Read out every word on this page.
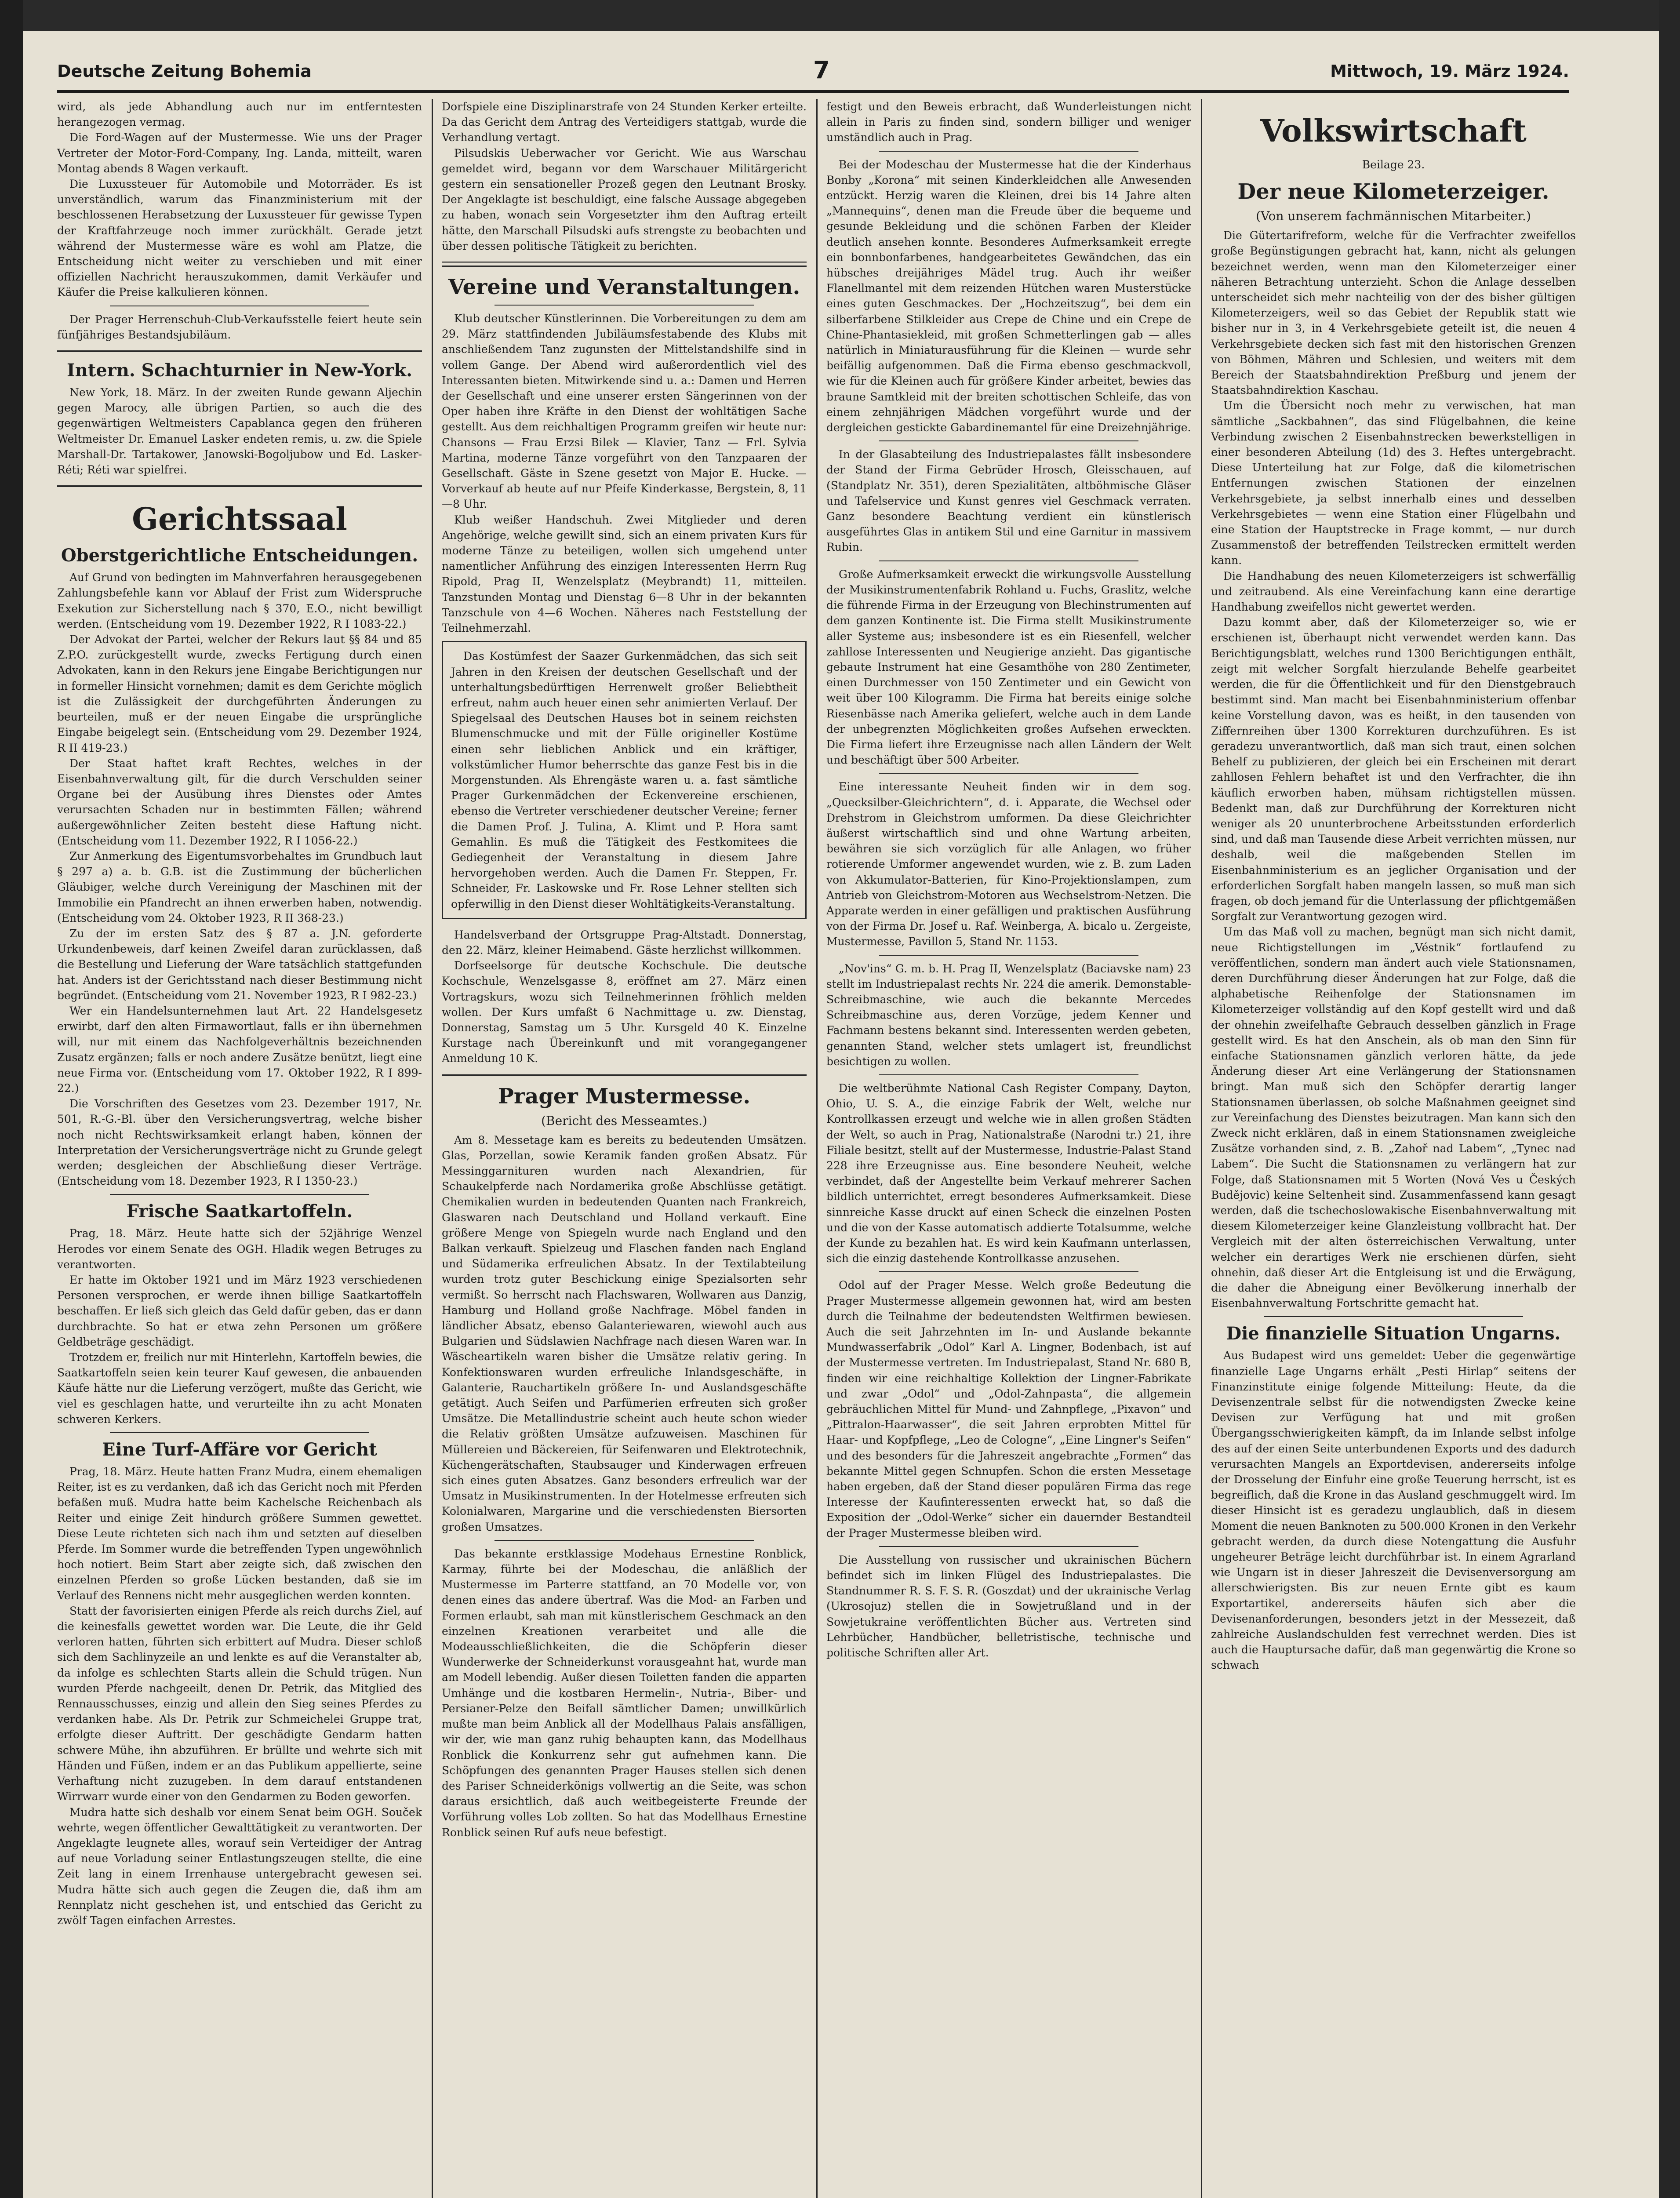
Deutsche Zeitung Bohemia	7	Mittwoch, 19. März 1924.

wird, als jede Abhandlung auch nur im entferntesten herangezogen vermag.

Die Ford-Wagen auf der Mustermesse. Wie uns der Prager Vertreter der Motor-Ford-Company, Ing. Landa, mitteilt, waren Montag abends 8 Wagen verkauft.

Die Luxussteuer für Automobile und Motorräder. Es ist unverständlich, warum das Finanzministerium mit der beschlossenen Herabsetzung der Luxussteuer für gewisse Typen der Kraftfahrzeuge noch immer zurückhält. Gerade jetzt während der Mustermesse wäre es wohl am Platze, die Entscheidung nicht weiter zu verschieben und mit einer offiziellen Nachricht herauszukommen, damit Verkäufer und Käufer die Preise kalkulieren können.

Der Prager Herrenschuh-Club-Verkaufsstelle feiert heute sein fünfjähriges Bestandsjubiläum.

Intern. Schachturnier in New-York.

New York, 18. März. In der zweiten Runde gewann Aljechin gegen Marocy, alle übrigen Partien, so auch die des gegenwärtigen Weltmeisters Capablanca gegen den früheren Weltmeister Dr. Emanuel Lasker endeten remis, u. zw. die Spiele Marshall-Dr. Tartakower, Janowski-Bogoljubow und Ed. Lasker-Réti; Réti war spielfrei.

Gerichtssaal
Oberstgerichtliche Entscheidungen.

Auf Grund von bedingten im Mahnverfahren herausgegebenen Zahlungsbefehle kann vor Ablauf der Frist zum Widerspruche Exekution zur Sicherstellung nach § 370, E.O., nicht bewilligt werden. (Entscheidung vom 19. Dezember 1922, R I 1083-22.)

Der Advokat der Partei, welcher der Rekurs laut §§ 84 und 85 Z.P.O. zurückgestellt wurde, zwecks Fertigung durch einen Advokaten, kann in den Rekurs jene Eingabe Berichtigungen nur in formeller Hinsicht vornehmen; damit es dem Gerichte möglich ist die Zulässigkeit der durchgeführten Änderungen zu beurteilen, muß er der neuen Eingabe die ursprüngliche Eingabe beigelegt sein. (Entscheidung vom 29. Dezember 1924, R II 419-23.)

Der Staat haftet kraft Rechtes, welches in der Eisenbahnverwaltung gilt, für die durch Verschulden seiner Organe bei der Ausübung ihres Dienstes oder Amtes verursachten Schaden nur in bestimmten Fällen; während außergewöhnlicher Zeiten besteht diese Haftung nicht. (Entscheidung vom 11. Dezember 1922, R I 1056-22.)

Zur Anmerkung des Eigentumsvorbehaltes im Grundbuch laut § 297 a) a. b. G.B. ist die Zustimmung der bücherlichen Gläubiger, welche durch Vereinigung der Maschinen mit der Immobilie ein Pfandrecht an ihnen erwerben haben, notwendig. (Entscheidung vom 24. Oktober 1923, R II 368-23.)

Zu der im ersten Satz des § 87 a. J.N. geforderte Urkundenbeweis, darf keinen Zweifel daran zurücklassen, daß die Bestellung und Lieferung der Ware tatsächlich stattgefunden hat. Anders ist der Gerichtsstand nach dieser Bestimmung nicht begründet. (Entscheidung vom 21. November 1923, R I 982-23.)

Wer ein Handelsunternehmen laut Art. 22 Handelsgesetz erwirbt, darf den alten Firmawortlaut, falls er ihn übernehmen will, nur mit einem das Nachfolgeverhältnis bezeichnenden Zusatz ergänzen; falls er noch andere Zusätze benützt, liegt eine neue Firma vor. (Entscheidung vom 17. Oktober 1922, R I 899-22.)

Die Vorschriften des Gesetzes vom 23. Dezember 1917, Nr. 501, R.-G.-Bl. über den Versicherungsvertrag, welche bisher noch nicht Rechtswirksamkeit erlangt haben, können der Interpretation der Versicherungsverträge nicht zu Grunde gelegt werden; desgleichen der Abschließung dieser Verträge. (Entscheidung vom 18. Dezember 1923, R I 1350-23.)

Frische Saatkartoffeln.

Prag, 18. März. Heute hatte sich der 52jährige Wenzel Herodes vor einem Senate des OGH. Hladik wegen Betruges zu verantworten.

Er hatte im Oktober 1921 und im März 1923 verschiedenen Personen versprochen, er werde ihnen billige Saatkartoffeln beschaffen. Er ließ sich gleich das Geld dafür geben, das er dann durchbrachte. So hat er etwa zehn Personen um größere Geldbeträge geschädigt.

Trotzdem er, freilich nur mit Hinterlehn, Kartoffeln bewies, die Saatkartoffeln seien kein teurer Kauf gewesen, die anbauenden Käufe hätte nur die Lieferung verzögert, mußte das Gericht, wie viel es geschlagen hatte, und verurteilte ihn zu acht Monaten schweren Kerkers.

Eine Turf-Affäre vor Gericht

Prag, 18. März. Heute hatten Franz Mudra, einem ehemaligen Reiter, ist es zu verdanken, daß ich das Gericht noch mit Pferden befaßen muß. Mudra hatte beim Kachelsche Reichenbach als Reiter und einige Zeit hindurch größere Summen gewettet. Diese Leute richteten sich nach ihm und setzten auf dieselben Pferde. Im Sommer wurde die betreffenden Typen ungewöhnlich hoch notiert. Beim Start aber zeigte sich, daß zwischen den einzelnen Pferden so große Lücken bestanden, daß sie im Verlauf des Rennens nicht mehr ausgeglichen werden konnten.

Statt der favorisierten einigen Pferde als reich durchs Ziel, auf die keinesfalls gewettet worden war. Die Leute, die ihr Geld verloren hatten, führten sich erbittert auf Mudra. Dieser schloß sich dem Sachlinyzeile an und lenkte es auf die Veranstalter ab, da infolge es schlechten Starts allein die Schuld trügen. Nun wurden Pferde nachgeeilt, denen Dr. Petrik, das Mitglied des Rennausschusses, einzig und allein den Sieg seines Pferdes zu verdanken habe. Als Dr. Petrik zur Schmeichelei Gruppe trat, erfolgte dieser Auftritt. Der geschädigte Gendarm hatten schwere Mühe, ihn abzuführen. Er brüllte und wehrte sich mit Händen und Füßen, indem er an das Publikum appellierte, seine Verhaftung nicht zuzugeben. In dem darauf entstandenen Wirrwarr wurde einer von den Gendarmen zu Boden geworfen.

Mudra hatte sich deshalb vor einem Senat beim OGH. Souček wehrte, wegen öffentlicher Gewalttätigkeit zu verantworten. Der Angeklagte leugnete alles, worauf sein Verteidiger der Antrag auf neue Vorladung seiner Entlastungszeugen stellte, die eine Zeit lang in einem Irrenhause untergebracht gewesen sei. Mudra hätte sich auch gegen die Zeugen die, daß ihm am Rennplatz nicht geschehen ist, und entschied das Gericht zu zwölf Tagen einfachen Arrestes.

Dorfspiele eine Disziplinarstrafe von 24 Stunden Kerker erteilte. Da das Gericht dem Antrag des Verteidigers stattgab, wurde die Verhandlung vertagt.

Pilsudskis Ueberwacher vor Gericht. Wie aus Warschau gemeldet wird, begann vor dem Warschauer Militärgericht gestern ein sensationeller Prozeß gegen den Leutnant Brosky. Der Angeklagte ist beschuldigt, eine falsche Aussage abgegeben zu haben, wonach sein Vorgesetzter ihm den Auftrag erteilt hätte, den Marschall Pilsudski aufs strengste zu beobachten und über dessen politische Tätigkeit zu berichten.

Vereine und Veranstaltungen.

Klub deutscher Künstlerinnen. Die Vorbereitungen zu dem am 29. März stattfindenden Jubiläumsfestabende des Klubs mit anschließendem Tanz zugunsten der Mittelstandshilfe sind in vollem Gange. Der Abend wird außerordentlich viel des Interessanten bieten. Mitwirkende sind u. a.: Damen und Herren der Gesellschaft und eine unserer ersten Sängerinnen von der Oper haben ihre Kräfte in den Dienst der wohltätigen Sache gestellt. Aus dem reichhaltigen Programm greifen wir heute nur: Chansons — Frau Erzsi Bilek — Klavier, Tanz — Frl. Sylvia Martina, moderne Tänze vorgeführt von den Tanzpaaren der Gesellschaft. Gäste in Szene gesetzt von Major E. Hucke. — Vorverkauf ab heute auf nur Pfeife Kinderkasse, Bergstein, 8, 11—8 Uhr.

Klub weißer Handschuh. Zwei Mitglieder und deren Angehörige, welche gewillt sind, sich an einem privaten Kurs für moderne Tänze zu beteiligen, wollen sich umgehend unter namentlicher Anführung des einzigen Interessenten Herrn Rug Ripold, Prag II, Wenzelsplatz (Meybrandt) 11, mitteilen. Tanzstunden Montag und Dienstag 6—8 Uhr in der bekannten Tanzschule von 4—6 Wochen. Näheres nach Feststellung der Teilnehmerzahl.

Das Kostümfest der Saazer Gurkenmädchen, das sich seit Jahren in den Kreisen der deutschen Gesellschaft und der unterhaltungsbedürftigen Herrenwelt großer Beliebtheit erfreut, nahm auch heuer einen sehr animierten Verlauf. Der Spiegelsaal des Deutschen Hauses bot in seinem reichsten Blumenschmucke und mit der Fülle origineller Kostüme einen sehr lieblichen Anblick und ein kräftiger, volkstümlicher Humor beherrschte das ganze Fest bis in die Morgenstunden. Als Ehrengäste waren u. a. fast sämtliche Prager Gurkenmädchen der Eckenvereine erschienen, ebenso die Vertreter verschiedener deutscher Vereine; ferner die Damen Prof. J. Tulina, A. Klimt und P. Hora samt Gemahlin. Es muß die Tätigkeit des Festkomitees die Gediegenheit der Veranstaltung in diesem Jahre hervorgehoben werden. Auch die Damen Fr. Steppen, Fr. Schneider, Fr. Laskowske und Fr. Rose Lehner stellten sich opferwillig in den Dienst dieser Wohltätigkeits-Veranstaltung.

Handelsverband der Ortsgruppe Prag-Altstadt. Donnerstag, den 22. März, kleiner Heimabend. Gäste herzlichst willkommen.

Dorfseelsorge für deutsche Kochschule. Die deutsche Kochschule, Wenzelsgasse 8, eröffnet am 27. März einen Vortragskurs, wozu sich Teilnehmerinnen fröhlich melden wollen. Der Kurs umfaßt 6 Nachmittage u. zw. Dienstag, Donnerstag, Samstag um 5 Uhr. Kursgeld 40 K. Einzelne Kurstage nach Übereinkunft und mit vorangegangener Anmeldung 10 K.

Prager Mustermesse.
(Bericht des Messeamtes.)

Am 8. Messetage kam es bereits zu bedeutenden Umsätzen. Glas, Porzellan, sowie Keramik fanden großen Absatz. Für Messinggarnituren wurden nach Alexandrien, für Schaukelpferde nach Nordamerika große Abschlüsse getätigt. Chemikalien wurden in bedeutenden Quanten nach Frankreich, Glaswaren nach Deutschland und Holland verkauft. Eine größere Menge von Spiegeln wurde nach England und den Balkan verkauft. Spielzeug und Flaschen fanden nach England und Südamerika erfreulichen Absatz. In der Textilabteilung wurden trotz guter Beschickung einige Spezialsorten sehr vermißt. So herrscht nach Flachswaren, Wollwaren aus Danzig, Hamburg und Holland große Nachfrage. Möbel fanden in ländlicher Absatz, ebenso Galanteriewaren, wiewohl auch aus Bulgarien und Südslawien Nachfrage nach diesen Waren war. In Wäscheartikeln waren bisher die Umsätze relativ gering. In Konfektionswaren wurden erfreuliche Inlandsgeschäfte, in Galanterie, Rauchartikeln größere In- und Auslandsgeschäfte getätigt. Auch Seifen und Parfümerien erfreuten sich großer Umsätze. Die Metallindustrie scheint auch heute schon wieder die Relativ größten Umsätze aufzuweisen. Maschinen für Müllereien und Bäckereien, für Seifenwaren und Elektrotechnik, Küchengerätschaften, Staubsauger und Kinderwagen erfreuen sich eines guten Absatzes. Ganz besonders erfreulich war der Umsatz in Musikinstrumenten. In der Hotelmesse erfreuten sich Kolonialwaren, Margarine und die verschiedensten Biersorten großen Umsatzes.

Das bekannte erstklassige Modehaus Ernestine Ronblick, Karmay, führte bei der Modeschau, die anläßlich der Mustermesse im Parterre stattfand, an 70 Modelle vor, von denen eines das andere übertraf. Was die Mod- an Farben und Formen erlaubt, sah man mit künstlerischem Geschmack an den einzelnen Kreationen verarbeitet und alle die Modeausschließlichkeiten, die die Schöpferin dieser Wunderwerke der Schneiderkunst vorausgeahnt hat, wurde man am Modell lebendig. Außer diesen Toiletten fanden die apparten Umhänge und die kostbaren Hermelin-, Nutria-, Biber- und Persianer-Pelze den Beifall sämtlicher Damen; unwillkürlich mußte man beim Anblick all der Modellhaus Palais ansfälligen, wir der, wie man ganz ruhig behaupten kann, das Modellhaus Ronblick die Konkurrenz sehr gut aufnehmen kann. Die Schöpfungen des genannten Prager Hauses stellen sich denen des Pariser Schneiderkönigs vollwertig an die Seite, was schon daraus ersichtlich, daß auch weitbegeisterte Freunde der Vorführung volles Lob zollten. So hat das Modellhaus Ernestine Ronblick seinen Ruf aufs neue befestigt.

festigt und den Beweis erbracht, daß Wunderleistungen nicht allein in Paris zu finden sind, sondern billiger und weniger umständlich auch in Prag.

Bei der Modeschau der Mustermesse hat die der Kinderhaus Bonby „Korona“ mit seinen Kinderkleidchen alle Anwesenden entzückt. Herzig waren die Kleinen, drei bis 14 Jahre alten „Mannequins“, denen man die Freude über die bequeme und gesunde Bekleidung und die schönen Farben der Kleider deutlich ansehen konnte. Besonderes Aufmerksamkeit erregte ein bonnbonfarbenes, handgearbeitetes Gewändchen, das ein hübsches dreijähriges Mädel trug. Auch ihr weißer Flanellmantel mit dem reizenden Hütchen waren Musterstücke eines guten Geschmackes. Der „Hochzeitszug“, bei dem ein silberfarbene Stilkleider aus Crepe de Chine und ein Crepe de Chine-Phantasiekleid, mit großen Schmetterlingen gab — alles natürlich in Miniaturausführung für die Kleinen — wurde sehr beifällig aufgenommen. Daß die Firma ebenso geschmackvoll, wie für die Kleinen auch für größere Kinder arbeitet, bewies das braune Samtkleid mit der breiten schottischen Schleife, das von einem zehnjährigen Mädchen vorgeführt wurde und der dergleichen gestickte Gabardinemantel für eine Dreizehnjährige.

In der Glasabteilung des Industriepalastes fällt insbesondere der Stand der Firma Gebrüder Hrosch, Gleisschauen, auf (Standplatz Nr. 351), deren Spezialitäten, altböhmische Gläser und Tafelservice und Kunst genres viel Geschmack verraten. Ganz besondere Beachtung verdient ein künstlerisch ausgeführtes Glas in antikem Stil und eine Garnitur in massivem Rubin.

Große Aufmerksamkeit erweckt die wirkungsvolle Ausstellung der Musikinstrumentenfabrik Rohland u. Fuchs, Graslitz, welche die führende Firma in der Erzeugung von Blechinstrumenten auf dem ganzen Kontinente ist. Die Firma stellt Musikinstrumente aller Systeme aus; insbesondere ist es ein Riesenfell, welcher zahllose Interessenten und Neugierige anzieht. Das gigantische gebaute Instrument hat eine Gesamthöhe von 280 Zentimeter, einen Durchmesser von 150 Zentimeter und ein Gewicht von weit über 100 Kilogramm. Die Firma hat bereits einige solche Riesenbässe nach Amerika geliefert, welche auch in dem Lande der unbegrenzten Möglichkeiten großes Aufsehen erweckten. Die Firma liefert ihre Erzeugnisse nach allen Ländern der Welt und beschäftigt über 500 Arbeiter.

Eine interessante Neuheit finden wir in dem sog. „Quecksilber-Gleichrichtern“, d. i. Apparate, die Wechsel oder Drehstrom in Gleichstrom umformen. Da diese Gleichrichter äußerst wirtschaftlich sind und ohne Wartung arbeiten, bewähren sie sich vorzüglich für alle Anlagen, wo früher rotierende Umformer angewendet wurden, wie z. B. zum Laden von Akkumulator-Batterien, für Kino-Projektionslampen, zum Antrieb von Gleichstrom-Motoren aus Wechselstrom-Netzen. Die Apparate werden in einer gefälligen und praktischen Ausführung von der Firma Dr. Josef u. Raf. Weinberga, A. bicalo u. Zergeiste, Mustermesse, Pavillon 5, Stand Nr. 1153.

„Nov'ins“ G. m. b. H. Prag II, Wenzelsplatz (Baciavske nam) 23 stellt im Industriepalast rechts Nr. 224 die amerik. Demonstable-Schreibmaschine, wie auch die bekannte Mercedes Schreibmaschine aus, deren Vorzüge, jedem Kenner und Fachmann bestens bekannt sind. Interessenten werden gebeten, genannten Stand, welcher stets umlagert ist, freundlichst besichtigen zu wollen.

Die weltberühmte National Cash Register Company, Dayton, Ohio, U. S. A., die einzige Fabrik der Welt, welche nur Kontrollkassen erzeugt und welche wie in allen großen Städten der Welt, so auch in Prag, Nationalstraße (Narodni tr.) 21, ihre Filiale besitzt, stellt auf der Mustermesse, Industrie-Palast Stand 228 ihre Erzeugnisse aus. Eine besondere Neuheit, welche verbindet, daß der Angestellte beim Verkauf mehrerer Sachen bildlich unterrichtet, erregt besonderes Aufmerksamkeit. Diese sinnreiche Kasse druckt auf einen Scheck die einzelnen Posten und die von der Kasse automatisch addierte Totalsumme, welche der Kunde zu bezahlen hat. Es wird kein Kaufmann unterlassen, sich die einzig dastehende Kontrollkasse anzusehen.

Odol auf der Prager Messe. Welch große Bedeutung die Prager Mustermesse allgemein gewonnen hat, wird am besten durch die Teilnahme der bedeutendsten Weltfirmen bewiesen. Auch die seit Jahrzehnten im In- und Auslande bekannte Mundwasserfabrik „Odol“ Karl A. Lingner, Bodenbach, ist auf der Mustermesse vertreten. Im Industriepalast, Stand Nr. 680 B, finden wir eine reichhaltige Kollektion der Lingner-Fabrikate und zwar „Odol“ und „Odol-Zahnpasta“, die allgemein gebräuchlichen Mittel für Mund- und Zahnpflege, „Pixavon“ und „Pittralon-Haarwasser“, die seit Jahren erprobten Mittel für Haar- und Kopfpflege, „Leo de Cologne“, „Eine Lingner's Seifen“ und des besonders für die Jahreszeit angebrachte „Formen“ das bekannte Mittel gegen Schnupfen. Schon die ersten Messetage haben ergeben, daß der Stand dieser populären Firma das rege Interesse der Kaufinteressenten erweckt hat, so daß die Exposition der „Odol-Werke“ sicher ein dauernder Bestandteil der Prager Mustermesse bleiben wird.

Die Ausstellung von russischer und ukrainischen Büchern befindet sich im linken Flügel des Industriepalastes. Die Standnummer R. S. F. S. R. (Goszdat) und der ukrainische Verlag (Ukrosojuz) stellen die in Sowjetrußland und in der Sowjetukraine veröffentlichten Bücher aus. Vertreten sind Lehrbücher, Handbücher, belletristische, technische und politische Schriften aller Art.

Volkswirtschaft

Beilage 23.

Der neue Kilometerzeiger.
(Von unserem fachmännischen Mitarbeiter.)

Die Gütertarifreform, welche für die Verfrachter zweifellos große Begünstigungen gebracht hat, kann, nicht als gelungen bezeichnet werden, wenn man den Kilometerzeiger einer näheren Betrachtung unterzieht. Schon die Anlage desselben unterscheidet sich mehr nachteilig von der des bisher gültigen Kilometerzeigers, weil so das Gebiet der Republik statt wie bisher nur in 3, in 4 Verkehrsgebiete geteilt ist, die neuen 4 Verkehrsgebiete decken sich fast mit den historischen Grenzen von Böhmen, Mähren und Schlesien, und weiters mit dem Bereich der Staatsbahndirektion Preßburg und jenem der Staatsbahndirektion Kaschau.

Um die Übersicht noch mehr zu verwischen, hat man sämtliche „Sackbahnen“, das sind Flügelbahnen, die keine Verbindung zwischen 2 Eisenbahnstrecken bewerkstelligen in einer besonderen Abteilung (1d) des 3. Heftes untergebracht. Diese Unterteilung hat zur Folge, daß die kilometrischen Entfernungen zwischen Stationen der einzelnen Verkehrsgebiete, ja selbst innerhalb eines und desselben Verkehrsgebietes — wenn eine Station einer Flügelbahn und eine Station der Hauptstrecke in Frage kommt, — nur durch Zusammenstoß der betreffenden Teilstrecken ermittelt werden kann.

Die Handhabung des neuen Kilometerzeigers ist schwerfällig und zeitraubend. Als eine Vereinfachung kann eine derartige Handhabung zweifellos nicht gewertet werden.

Dazu kommt aber, daß der Kilometerzeiger so, wie er erschienen ist, überhaupt nicht verwendet werden kann. Das Berichtigungsblatt, welches rund 1300 Berichtigungen enthält, zeigt mit welcher Sorgfalt hierzulande Behelfe gearbeitet werden, die für die Öffentlichkeit und für den Dienstgebrauch bestimmt sind. Man macht bei Eisenbahnministerium offenbar keine Vorstellung davon, was es heißt, in den tausenden von Ziffernreihen über 1300 Korrekturen durchzuführen. Es ist geradezu unverantwortlich, daß man sich traut, einen solchen Behelf zu publizieren, der gleich bei ein Erscheinen mit derart zahllosen Fehlern behaftet ist und den Verfrachter, die ihn käuflich erworben haben, mühsam richtigstellen müssen. Bedenkt man, daß zur Durchführung der Korrekturen nicht weniger als 20 ununterbrochene Arbeitsstunden erforderlich sind, und daß man Tausende diese Arbeit verrichten müssen, nur deshalb, weil die maßgebenden Stellen im Eisenbahnministerium es an jeglicher Organisation und der erforderlichen Sorgfalt haben mangeln lassen, so muß man sich fragen, ob doch jemand für die Unterlassung der pflichtgemäßen Sorgfalt zur Verantwortung gezogen wird.

Um das Maß voll zu machen, begnügt man sich nicht damit, neue Richtigstellungen im „Véstnik“ fortlaufend zu veröffentlichen, sondern man ändert auch viele Stationsnamen, deren Durchführung dieser Änderungen hat zur Folge, daß die alphabetische Reihenfolge der Stationsnamen im Kilometerzeiger vollständig auf den Kopf gestellt wird und daß der ohnehin zweifelhafte Gebrauch desselben gänzlich in Frage gestellt wird. Es hat den Anschein, als ob man den Sinn für einfache Stationsnamen gänzlich verloren hätte, da jede Änderung dieser Art eine Verlängerung der Stationsnamen bringt. Man muß sich den Schöpfer derartig langer Stationsnamen überlassen, ob solche Maßnahmen geeignet sind zur Vereinfachung des Dienstes beizutragen. Man kann sich den Zweck nicht erklären, daß in einem Stationsnamen zweigleiche Zusätze vorhanden sind, z. B. „Zahoř nad Labem“, „Tynec nad Labem“. Die Sucht die Stationsnamen zu verlängern hat zur Folge, daß Stationsnamen mit 5 Worten (Nová Ves u Českých Budějovic) keine Seltenheit sind. Zusammenfassend kann gesagt werden, daß die tschechoslowakische Eisenbahnverwaltung mit diesem Kilometerzeiger keine Glanzleistung vollbracht hat. Der Vergleich mit der alten österreichischen Verwaltung, unter welcher ein derartiges Werk nie erschienen dürfen, sieht ohnehin, daß dieser Art die Entgleisung ist und die Erwägung, die daher die Abneigung einer Bevölkerung innerhalb der Eisenbahnverwaltung Fortschritte gemacht hat.

Die finanzielle Situation Ungarns.

Aus Budapest wird uns gemeldet: Ueber die gegenwärtige finanzielle Lage Ungarns erhält „Pesti Hirlap“ seitens der Finanzinstitute einige folgende Mitteilung: Heute, da die Devisenzentrale selbst für die notwendigsten Zwecke keine Devisen zur Verfügung hat und mit großen Übergangsschwierigkeiten kämpft, da im Inlande selbst infolge des auf der einen Seite unterbundenen Exports und des dadurch verursachten Mangels an Exportdevisen, andererseits infolge der Drosselung der Einfuhr eine große Teuerung herrscht, ist es begreiflich, daß die Krone in das Ausland geschmuggelt wird. Im dieser Hinsicht ist es geradezu unglaublich, daß in diesem Moment die neuen Banknoten zu 500.000 Kronen in den Verkehr gebracht werden, da durch diese Notengattung die Ausfuhr ungeheurer Beträge leicht durchführbar ist. In einem Agrarland wie Ungarn ist in dieser Jahreszeit die Devisenversorgung am allerschwierigsten. Bis zur neuen Ernte gibt es kaum Exportartikel, andererseits häufen sich aber die Devisenanforderungen, besonders jetzt in der Messezeit, daß zahlreiche Auslandschulden fest verrechnet werden. Dies ist auch die Hauptursache dafür, daß man gegenwärtig die Krone so schwach
